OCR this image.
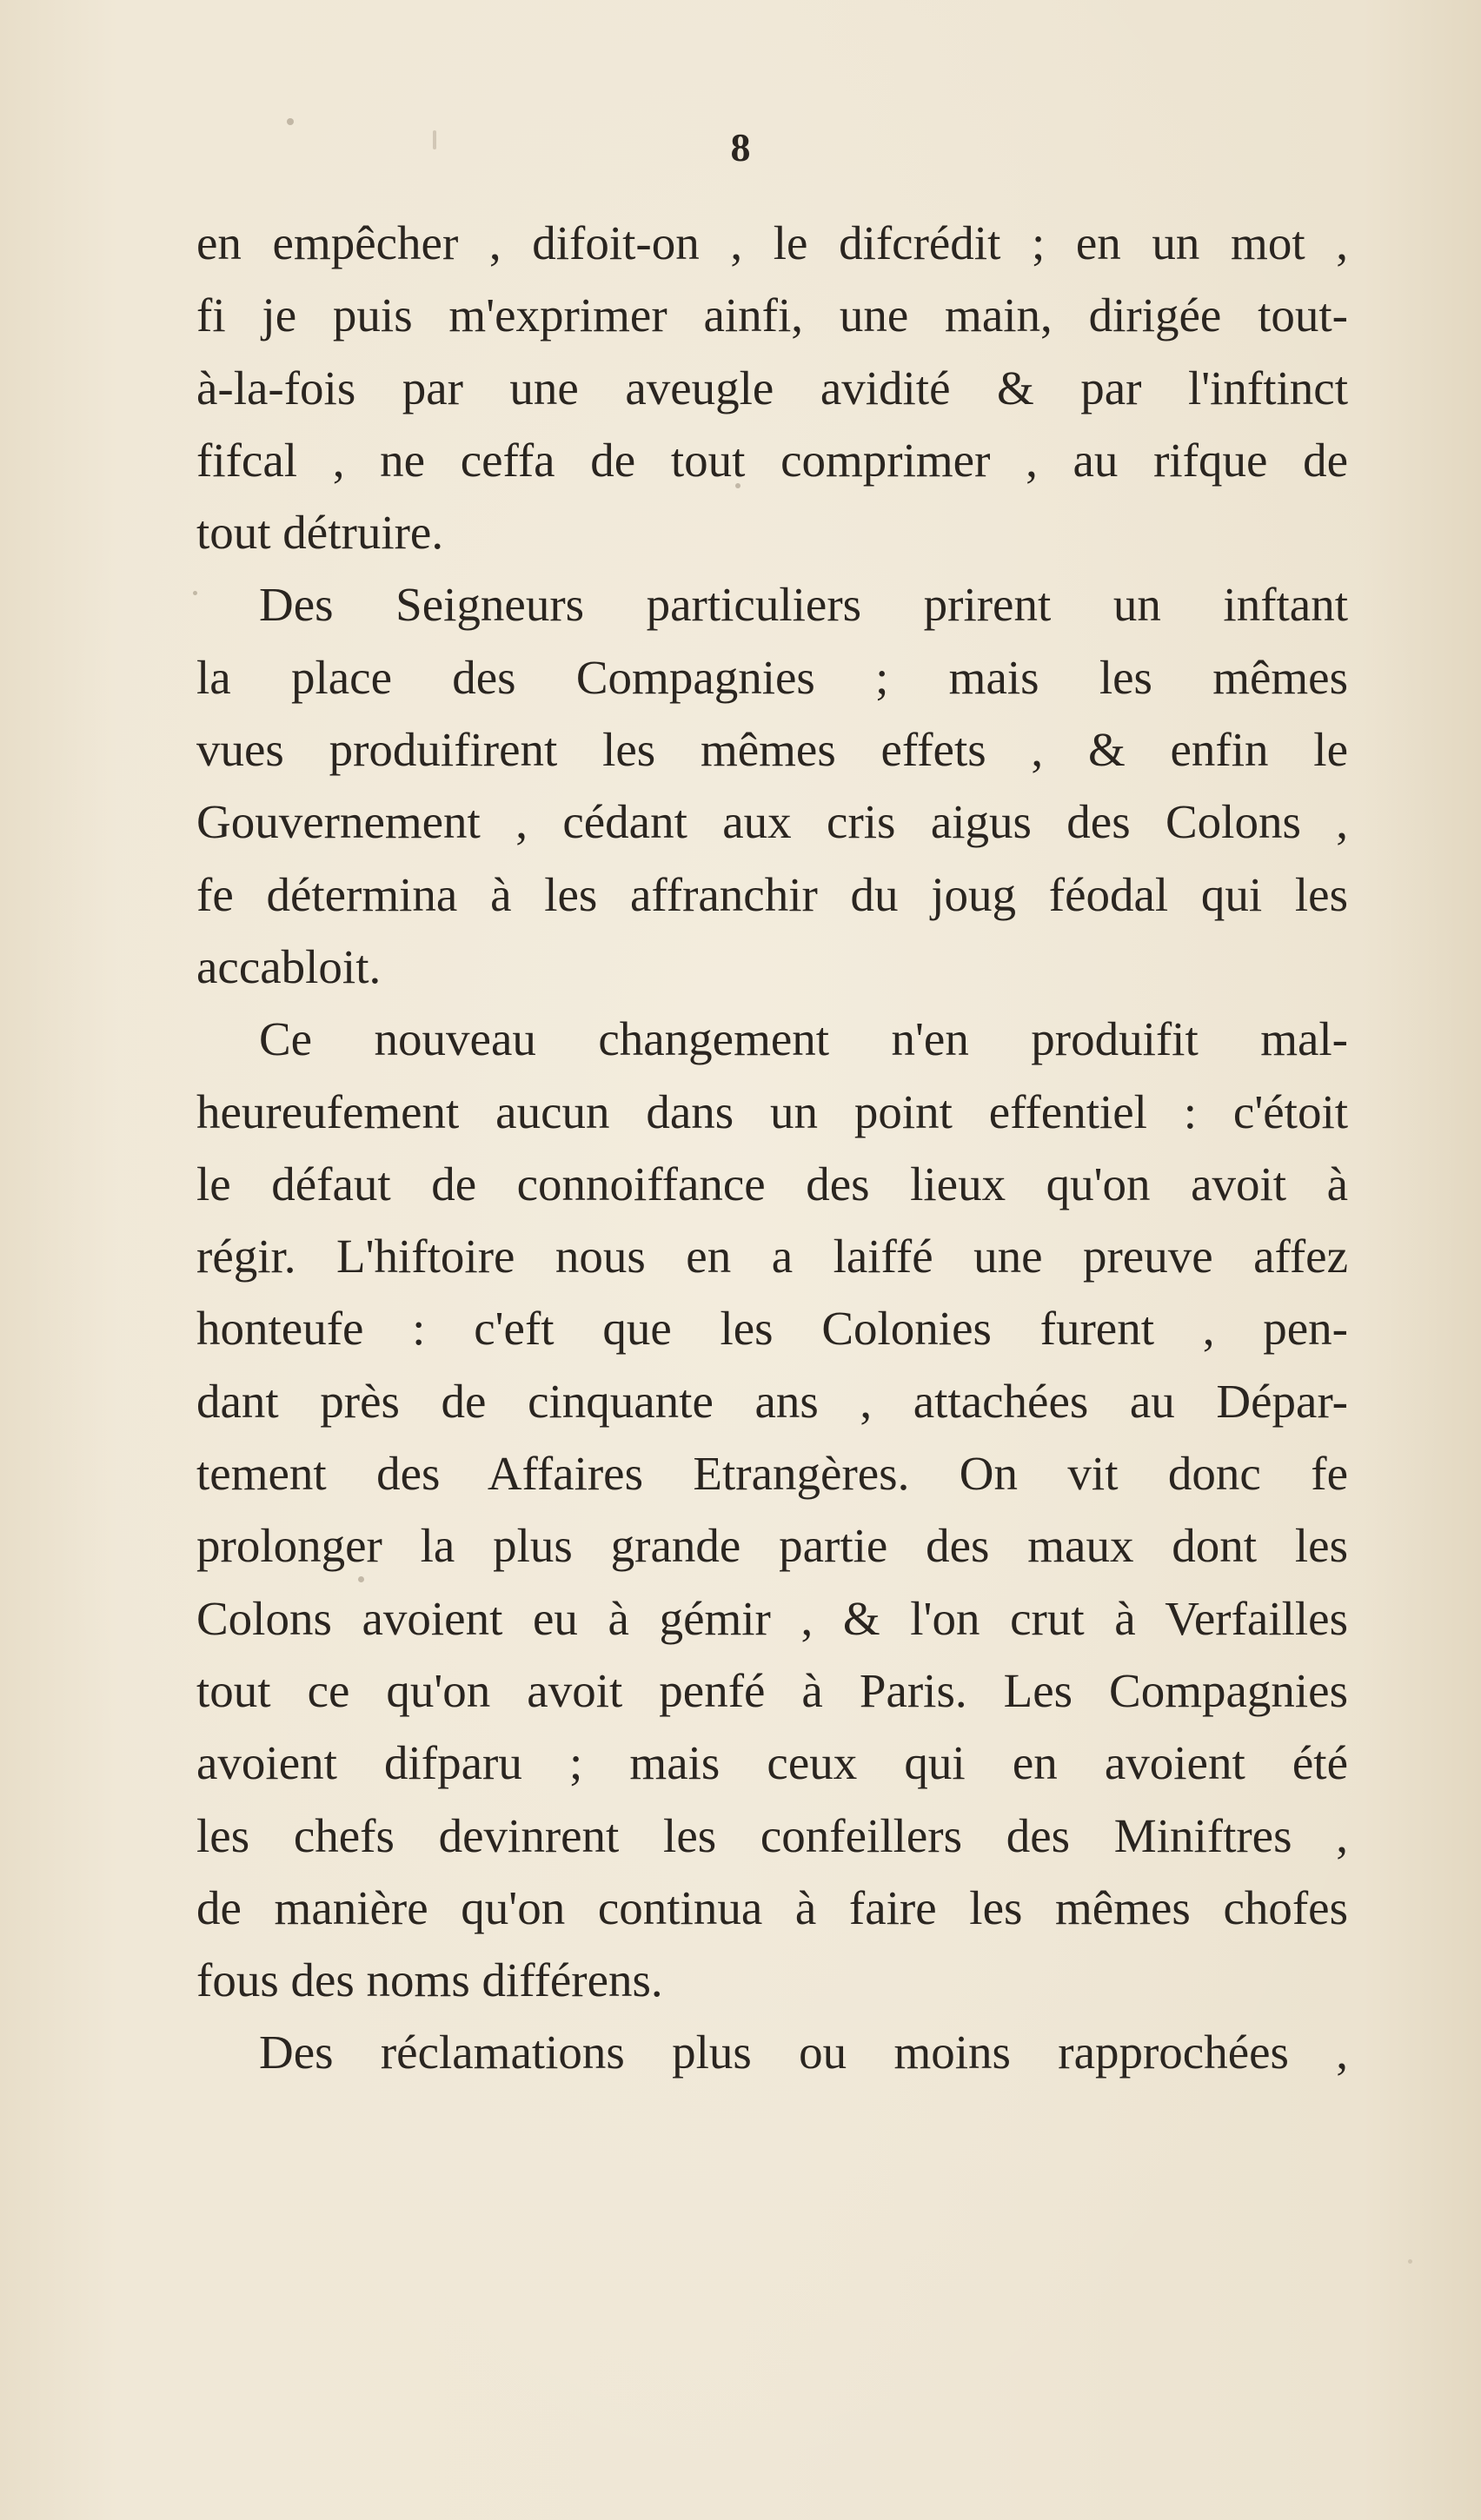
8
en empêcher , difoit-on , le difcrédit ; en un mot ,
fi je puis m'exprimer ainfi, une main, dirigée tout-
à-la-fois par une aveugle avidité & par l'inftinct
fifcal , ne ceffa de tout comprimer , au rifque de
tout détruire.
Des Seigneurs particuliers prirent un inftant
la place des Compagnies ; mais les mêmes
vues produifirent les mêmes effets , & enfin le
Gouvernement , cédant aux cris aigus des Colons ,
fe détermina à les affranchir du joug féodal qui les
accabloit.
Ce nouveau changement n'en produifit mal-
heureufement aucun dans un point effentiel : c'étoit
le défaut de connoiffance des lieux qu'on avoit à
régir. L'hiftoire nous en a laiffé une preuve affez
honteufe : c'eft que les Colonies furent , pen-
dant près de cinquante ans , attachées au Dépar-
tement des Affaires Etrangères. On vit donc fe
prolonger la plus grande partie des maux dont les
Colons avoient eu à gémir , & l'on crut à Verfailles
tout ce qu'on avoit penfé à Paris. Les Compagnies
avoient difparu ; mais ceux qui en avoient été
les chefs devinrent les confeillers des Miniftres ,
de manière qu'on continua à faire les mêmes chofes
fous des noms différens.
Des réclamations plus ou moins rapprochées ,
